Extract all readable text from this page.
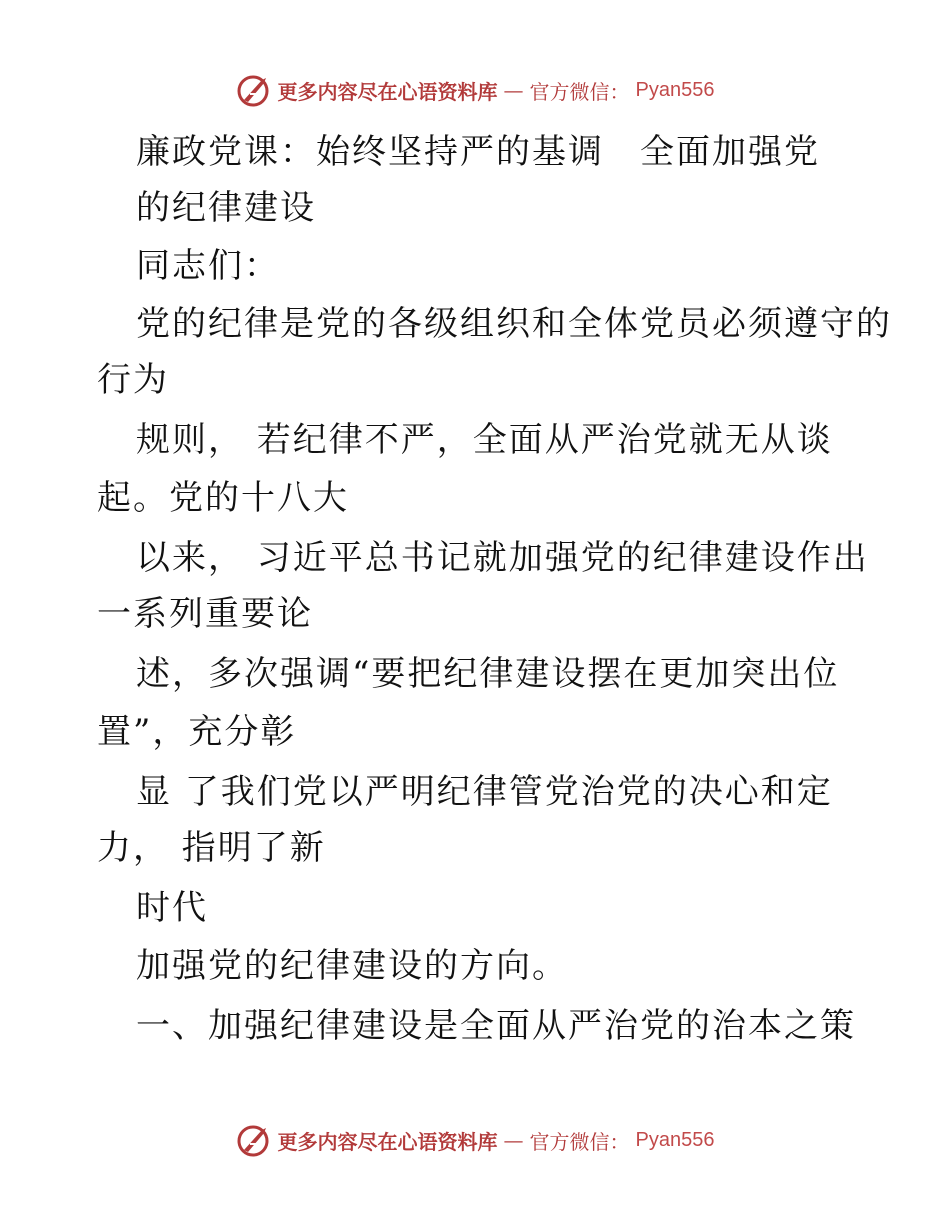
更多内容尽在心语资料库 — 官方微信： Pyan556
廉政党课：始终坚持严的基调　全面加强党
的纪律建设
同志们：
党的纪律是党的各级组织和全体党员必须遵守的
行为
规则， 若纪律不严，全面从严治党就无从谈
起。党的十八大
以来， 习近平总书记就加强党的纪律建设作出
一系列重要论
述，多次强调“要把纪律建设摆在更加突出位
置”，充分彰
显 了我们党以严明纪律管党治党的决心和定
力， 指明了新
时代
加强党的纪律建设的方向。
一、加强纪律建设是全面从严治党的治本之策
更多内容尽在心语资料库 — 官方微信： Pyan556
